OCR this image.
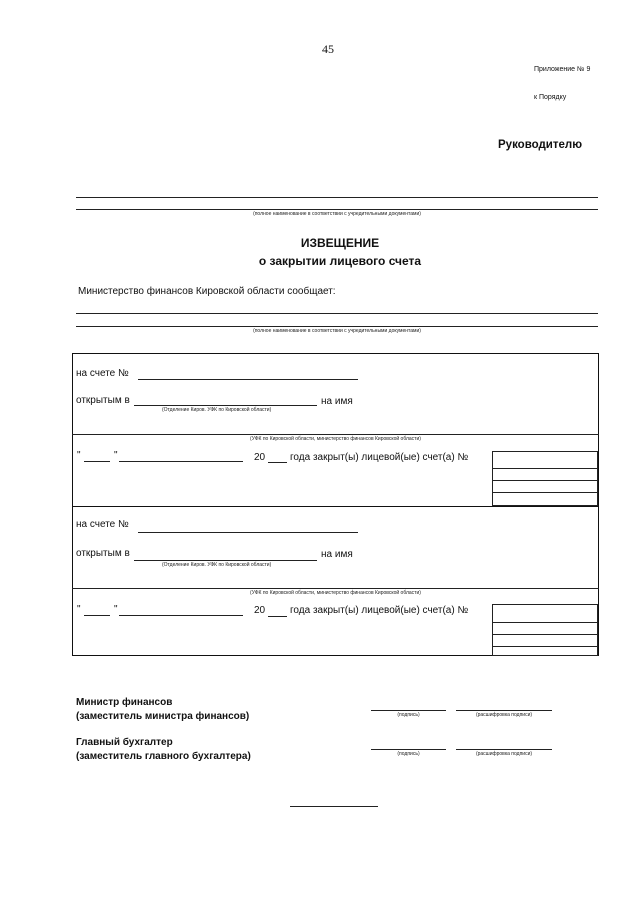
45
Приложение № 9
к Порядку
Руководителю
(полное наименование в соответствии с учредительными документами)
ИЗВЕЩЕНИЕ
о закрытии лицевого счета
Министерство финансов Кировской области сообщает:
(полное наименование в соответствии с учредительными документами)
на счете №
открытым в	на имя
(Отделение Киров. УФК по Кировской области)
(УФК по Кировской области, министерство финансов Кировской области)
"	"	20 года закрыт(ы) лицевой(ые) счет(а) №
на счете №
открытым в	на имя
(Отделение Киров. УФК по Кировской области)
(УФК по Кировской области, министерство финансов Кировской области)
"	"	20 года закрыт(ы) лицевой(ые) счет(а) №
Министр финансов
(заместитель министра финансов)	(подпись)	(расшифровка подписи)
Главный бухгалтер
(заместитель главного бухгалтера)	(подпись)	(расшифровка подписи)
